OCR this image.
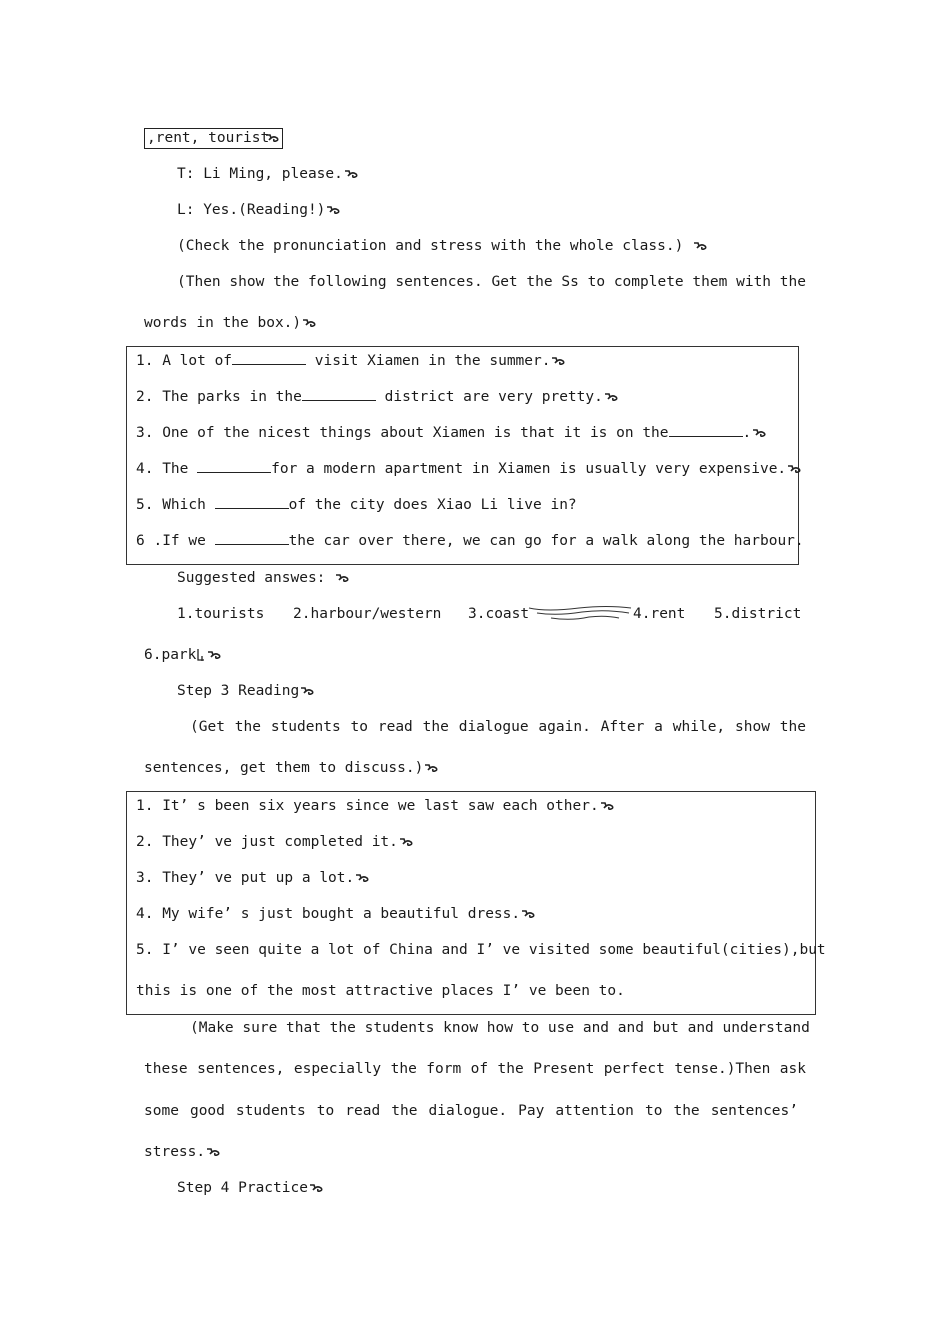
,rent, tourist
T: Li Ming, please.
L: Yes.(Reading!)
(Check the pronunciation and stress with the whole class.)
(Then show the following sentences. Get the Ss to complete them with the
words in the box.)
1. A lot of	visit Xiamen in the summer.
2. The parks in the	district are very pretty.
3. One of the nicest things about Xiamen is that it is on the	.
4. The	for a modern apartment in Xiamen is usually very expensive.
5. Which	of the city does Xiao Li live in?
6 .If we	the car over there, we can go for a walk along the harbour.
Suggested answes:
1.tourists 2.harbour/western 3.coast	4.rent 5.district
6.park
Step 3 Reading
(Get the students to read the dialogue again. After a while, show the
sentences, get them to discuss.)
1. It’ s been six years since we last saw each other.
2. They’ ve just completed it.
3. They’ ve put up a lot.
4. My wife’ s just bought a beautiful dress.
5. I’ ve seen quite a lot of China and I’ ve visited some beautiful(cities),but
this is one of the most attractive places I’ ve been to.
(Make sure that the students know how to use and and but and understand
these sentences, especially the form of the Present perfect tense.)Then ask
some good students to read the dialogue. Pay attention to the sentences’
stress.
Step 4 Practice
